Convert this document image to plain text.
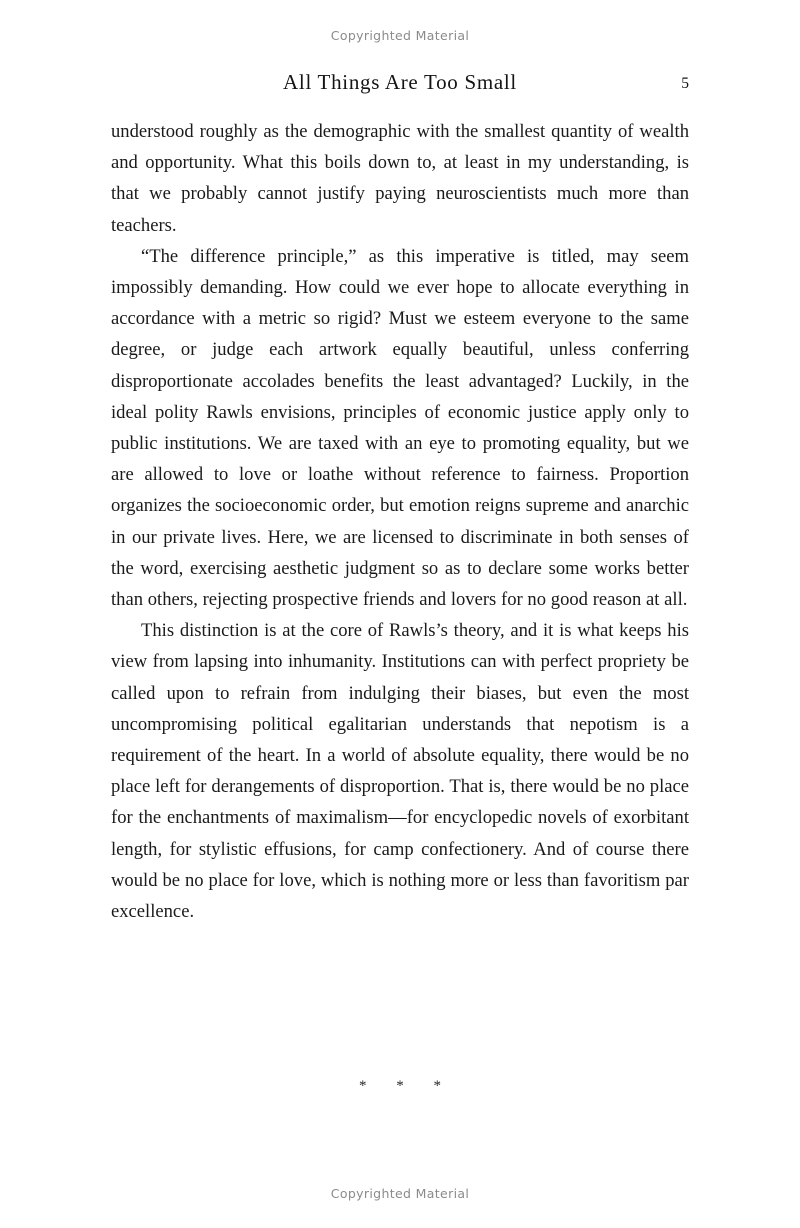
Copyrighted Material
All Things Are Too Small	5

understood roughly as the demographic with the smallest quantity of wealth and opportunity. What this boils down to, at least in my understanding, is that we probably cannot justify paying neuroscientists much more than teachers.

“The difference principle,” as this imperative is titled, may seem impossibly demanding. How could we ever hope to allocate everything in accordance with a metric so rigid? Must we esteem everyone to the same degree, or judge each artwork equally beautiful, unless conferring disproportionate accolades benefits the least advantaged? Luckily, in the ideal polity Rawls envisions, principles of economic justice apply only to public institutions. We are taxed with an eye to promoting equality, but we are allowed to love or loathe without reference to fairness. Proportion organizes the socioeconomic order, but emotion reigns supreme and anarchic in our private lives. Here, we are licensed to discriminate in both senses of the word, exercising aesthetic judgment so as to declare some works better than others, rejecting prospective friends and lovers for no good reason at all.

This distinction is at the core of Rawls’s theory, and it is what keeps his view from lapsing into inhumanity. Institutions can with perfect propriety be called upon to refrain from indulging their biases, but even the most uncompromising political egalitarian understands that nepotism is a requirement of the heart. In a world of absolute equality, there would be no place left for derangements of disproportion. That is, there would be no place for the enchantments of maximalism—for encyclopedic novels of exorbitant length, for stylistic effusions, for camp confectionery. And of course there would be no place for love, which is nothing more or less than favoritism par excellence.

* * *
Copyrighted Material
